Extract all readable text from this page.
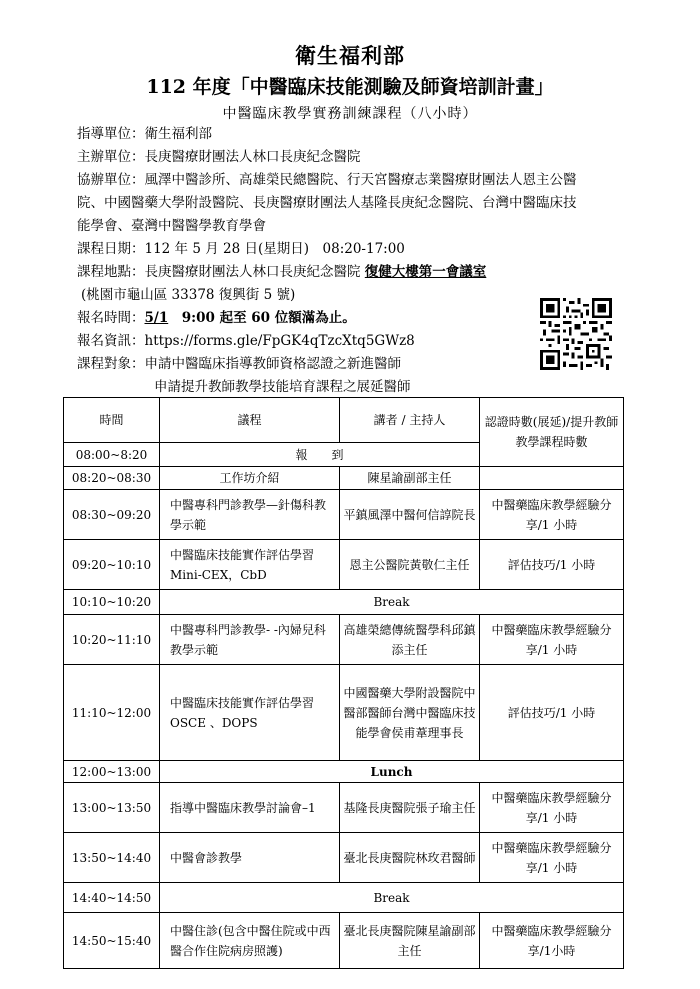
衛生福利部
112 年度「中醫臨床技能測驗及師資培訓計畫」
中醫臨床教學實務訓練課程（八小時）
指導單位：衛生福利部
主辦單位：長庚醫療財團法人林口長庚紀念醫院
協辦單位：風澤中醫診所、高雄榮民總醫院、行天宮醫療志業醫療財團法人恩主公醫
院、中國醫藥大學附設醫院、長庚醫療財團法人基隆長庚紀念醫院、台灣中醫臨床技
能學會、臺灣中醫醫學教育學會
課程日期：112 年 5 月 28 日(星期日)　08:20-17:00
課程地點：長庚醫療財團法人林口長庚紀念醫院 復健大樓第一會議室
(桃園市龜山區 33378 復興街 5 號)
報名時間：5/1　9:00 起至 60 位額滿為止。
報名資訊：https://forms.gle/FpGK4qTzcXtq5GWz8
課程對象：申請中醫臨床指導教師資格認證之新進醫師
申請提升教師教學技能培育課程之展延醫師
時間	議程	講者 / 主持人	認證時數(展延)/提升教師教學課程時數

08:00~8:20	報　　到		
08:20~08:30	工作坊介紹	陳星諭副部主任	
08:30~09:20	中醫專科門診教學—針傷科教學示範	平鎮風澤中醫何信諄院長	中醫藥臨床教學經驗分享/1 小時
09:20~10:10	中醫臨床技能實作評估學習 Mini-CEX，CbD	恩主公醫院黃敬仁主任	評估技巧/1 小時
10:10~10:20	Break		
10:20~11:10	中醫專科門診教學- -內婦兒科教學示範	高雄榮總傳統醫學科邱鎮添主任	中醫藥臨床教學經驗分享/1 小時
11:10~12:00	中醫臨床技能實作評估學習 OSCE 、DOPS	中國醫藥大學附設醫院中醫部醫師台灣中醫臨床技能學會侯甫葦理事長	評估技巧/1 小時
12:00~13:00	Lunch		
13:00~13:50	指導中醫臨床教學討論會–1	基隆長庚醫院張子瑜主任	中醫藥臨床教學經驗分享/1 小時
13:50~14:40	中醫會診教學	臺北長庚醫院林玫君醫師	中醫藥臨床教學經驗分享/1 小時
14:40~14:50	Break		
14:50~15:40	中醫住診(包含中醫住院或中西醫合作住院病房照護)	臺北長庚醫院陳星諭副部主任	中醫藥臨床教學經驗分享/1小時
